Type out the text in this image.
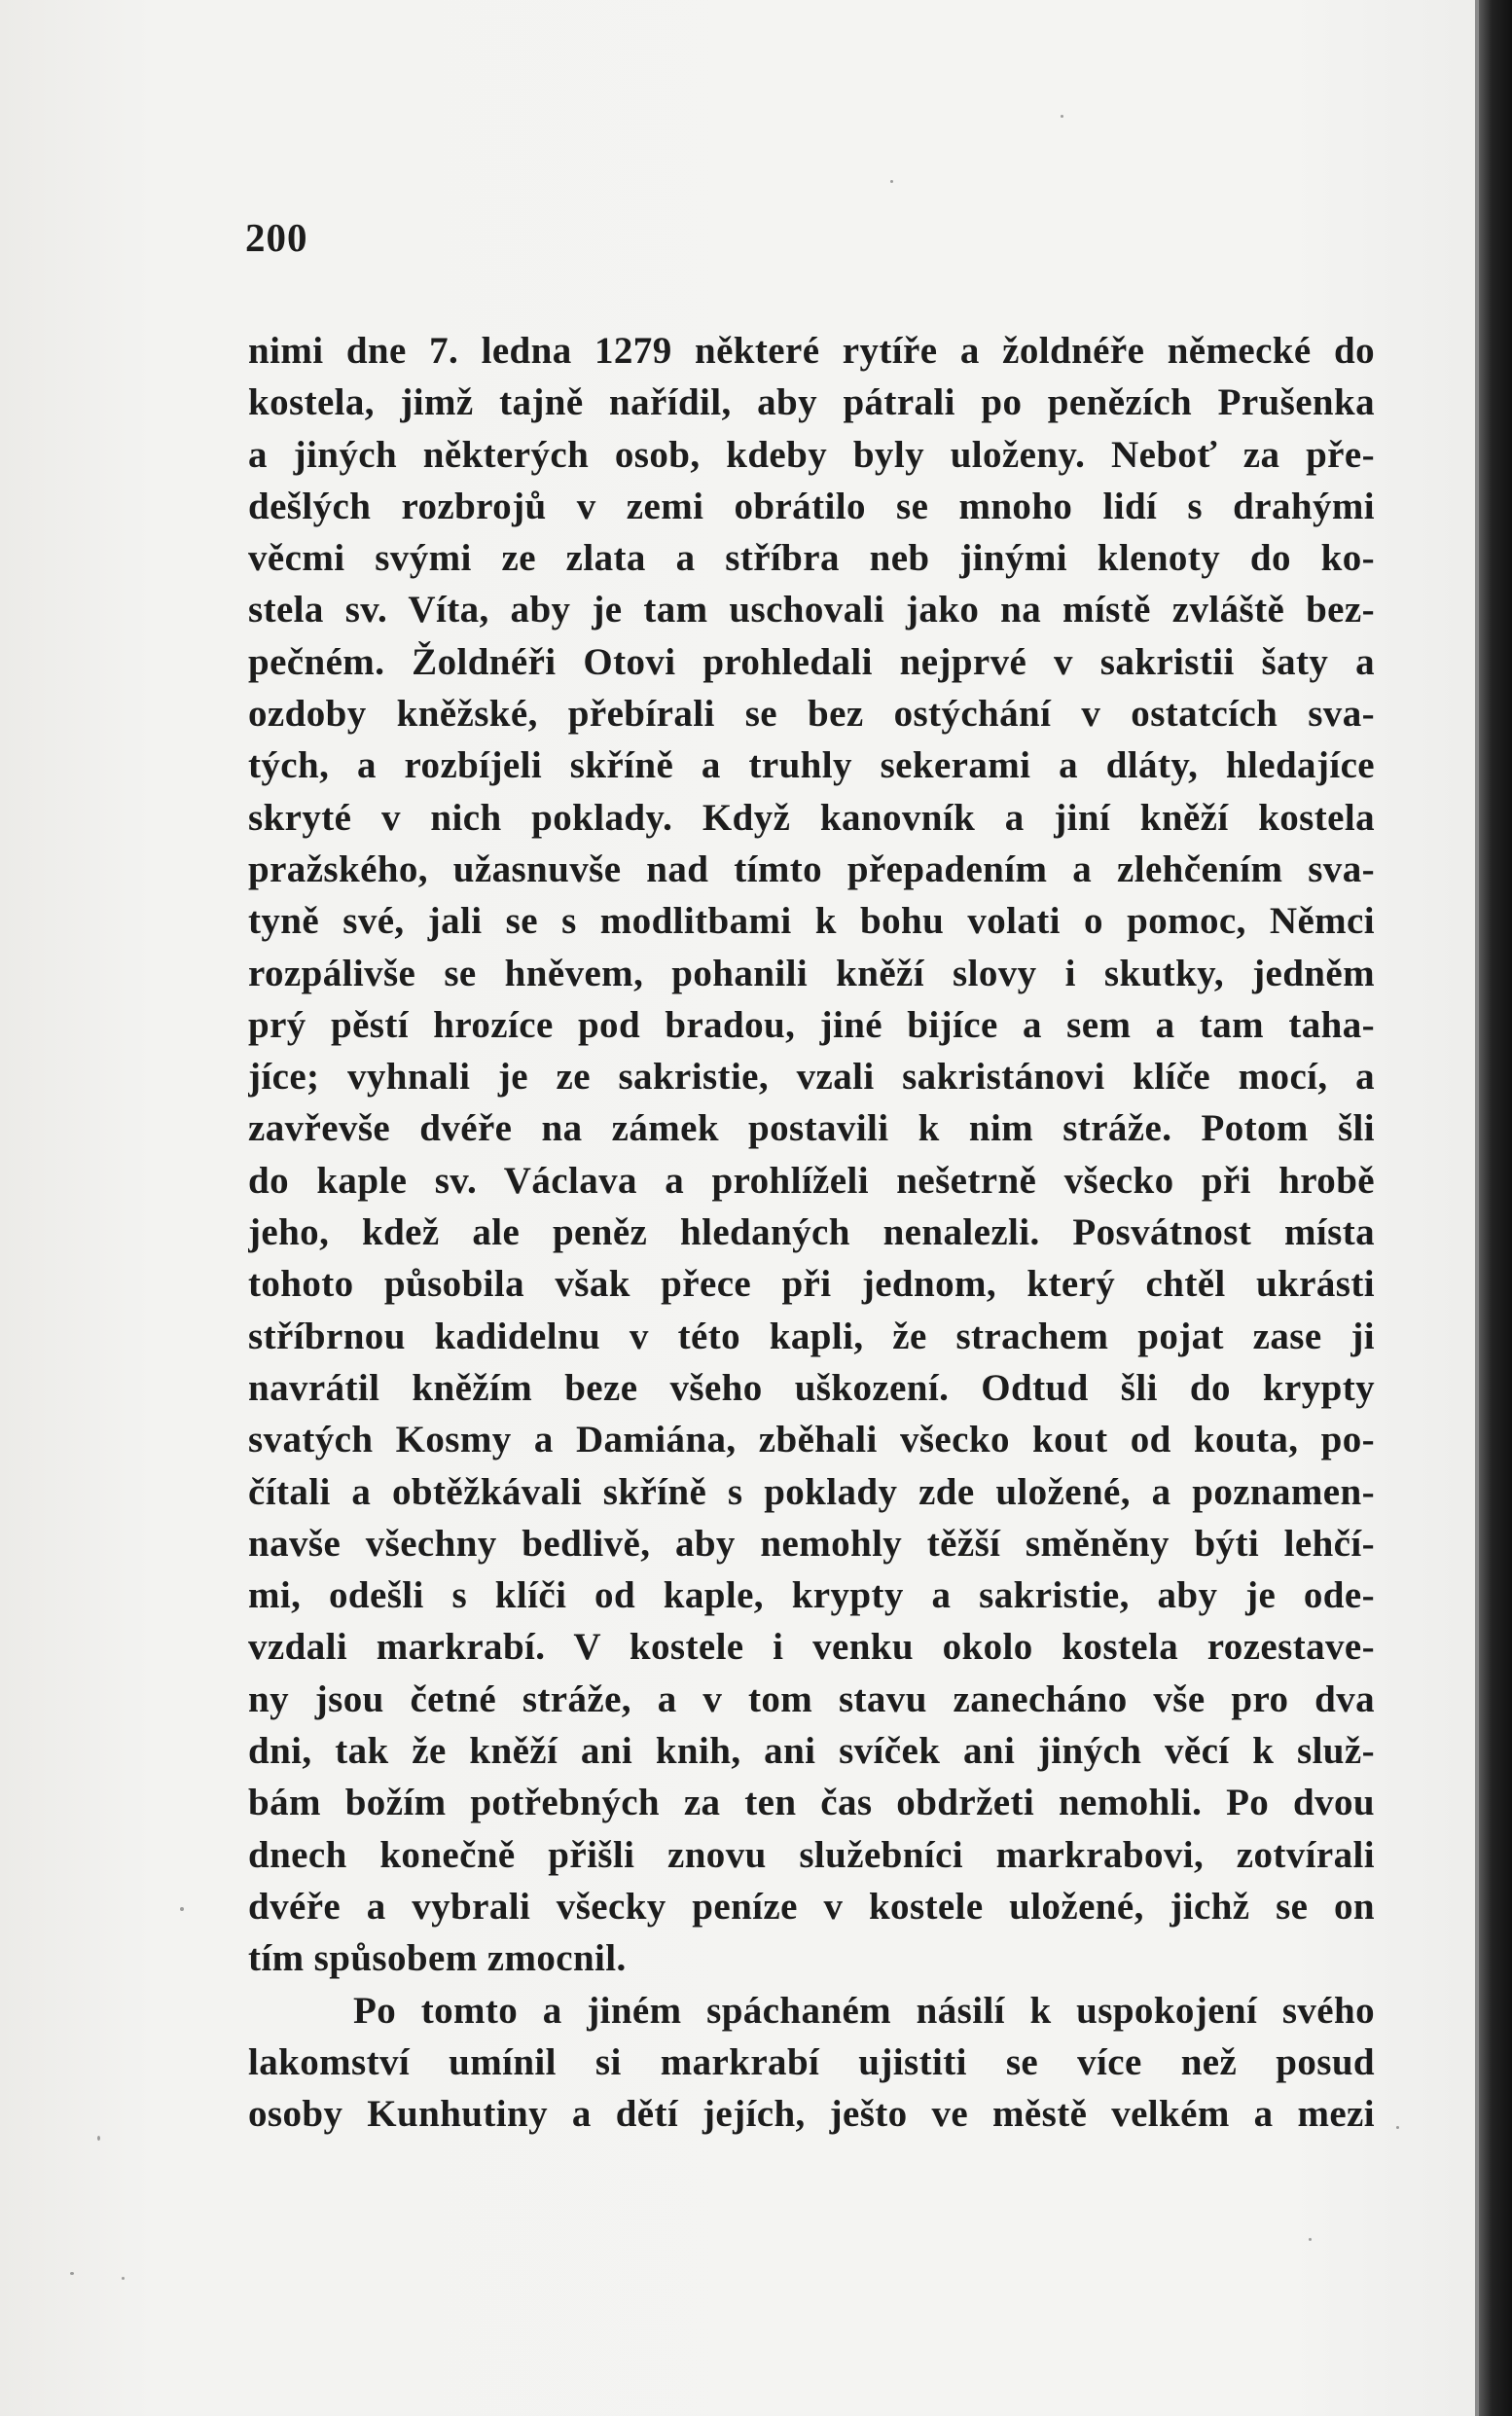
200
nimi dne 7. ledna 1279 některé rytíře a žoldnéře německé do
kostela, jimž tajně nařídil, aby pátrali po penězích Prušenka
a jiných některých osob, kdeby byly uloženy. Neboť za pře-
dešlých rozbrojů v zemi obrátilo se mnoho lidí s drahými
věcmi svými ze zlata a stříbra neb jinými klenoty do ko-
stela sv. Víta, aby je tam uschovali jako na místě zvláště bez-
pečném. Žoldnéři Otovi prohledali nejprvé v sakristii šaty a
ozdoby kněžské, přebírali se bez ostýchání v ostatcích sva-
tých, a rozbíjeli skříně a truhly sekerami a dláty, hledajíce
skryté v nich poklady. Když kanovník a jiní kněží kostela
pražského, užasnuvše nad tímto přepadením a zlehčením sva-
tyně své, jali se s modlitbami k bohu volati o pomoc, Němci
rozpálivše se hněvem, pohanili kněží slovy i skutky, jedněm
prý pěstí hrozíce pod bradou, jiné bijíce a sem a tam taha-
jíce; vyhnali je ze sakristie, vzali sakristánovi klíče mocí, a
zavřevše dvéře na zámek postavili k nim stráže. Potom šli
do kaple sv. Václava a prohlíželi nešetrně všecko při hrobě
jeho, kdež ale peněz hledaných nenalezli. Posvátnost místa
tohoto působila však přece při jednom, který chtěl ukrásti
stříbrnou kadidelnu v této kapli, že strachem pojat zase ji
navrátil kněžím beze všeho uškození. Odtud šli do krypty
svatých Kosmy a Damiána, zběhali všecko kout od kouta, po-
čítali a obtěžkávali skříně s poklady zde uložené, a poznamen-
navše všechny bedlivě, aby nemohly těžší směněny býti lehčí-
mi, odešli s klíči od kaple, krypty a sakristie, aby je ode-
vzdali markrabí. V kostele i venku okolo kostela rozestave-
ny jsou četné stráže, a v tom stavu zanecháno vše pro dva
dni, tak že kněží ani knih, ani svíček ani jiných věcí k služ-
bám božím potřebných za ten čas obdržeti nemohli. Po dvou
dnech konečně přišli znovu služebníci markrabovi, zotvírali
dvéře a vybrali všecky peníze v kostele uložené, jichž se on
tím spůsobem zmocnil.
Po tomto a jiném spáchaném násilí k uspokojení svého
lakomství umínil si markrabí ujistiti se více než posud
osoby Kunhutiny a dětí jejích, ješto ve městě velkém a mezi
